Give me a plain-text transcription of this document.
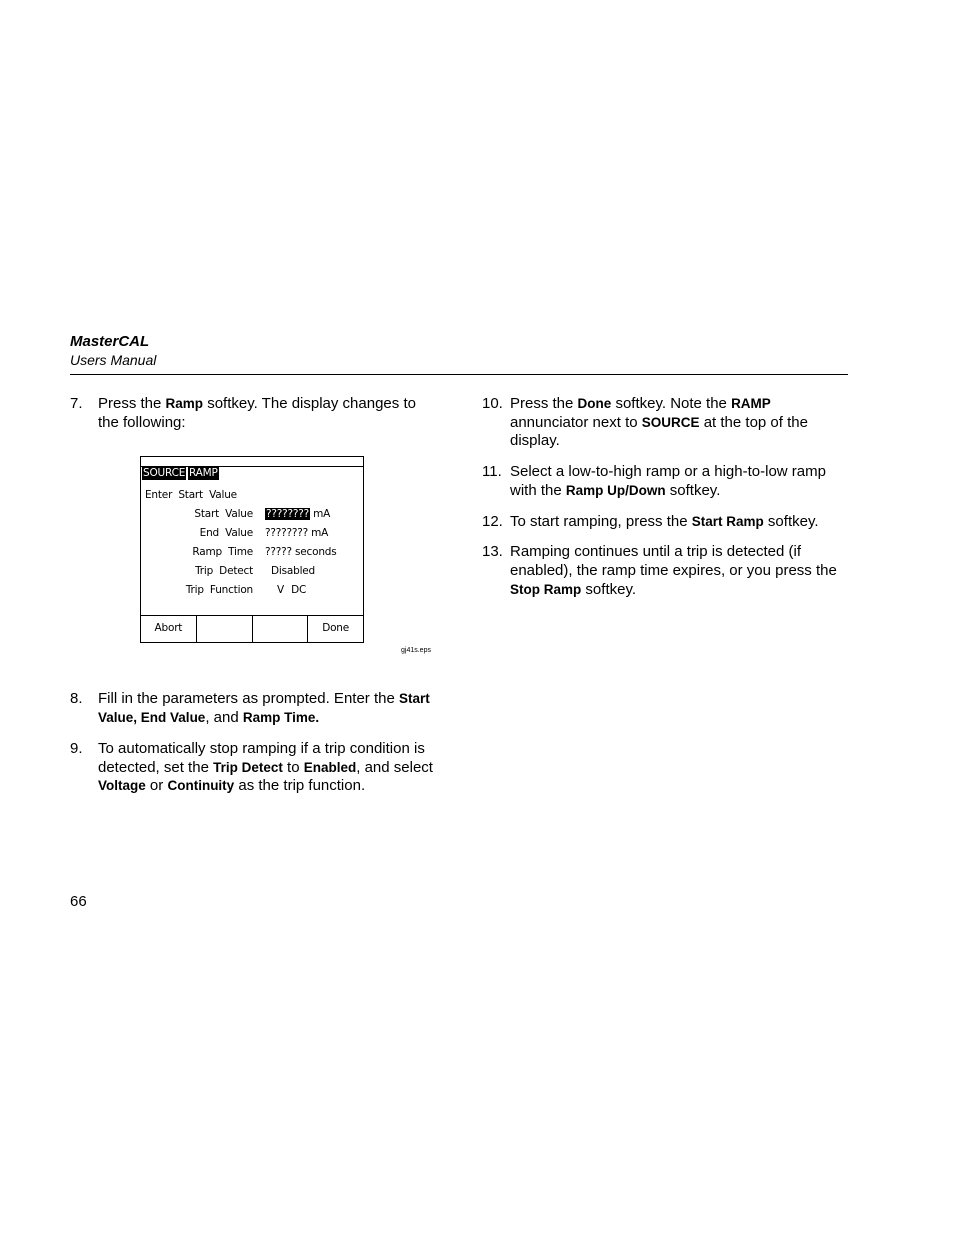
MasterCAL
Users Manual
7. Press the Ramp softkey. The display changes to the following:
8. Fill in the parameters as prompted. Enter the Start Value, End Value, and Ramp Time.
9. To automatically stop ramping if a trip condition is detected, set the Trip Detect to Enabled, and select Voltage or Continuity as the trip function.
SOURCE RAMP
Enter Start Value
Start Value ???????? mA
End Value ???????? mA
Ramp Time ????? seconds
Trip Detect Disabled
Trip Function V DC
Abort	Done
gj41s.eps
10. Press the Done softkey. Note the RAMP annunciator next to SOURCE at the top of the display.
11. Select a low-to-high ramp or a high-to-low ramp with the Ramp Up/Down softkey.
12. To start ramping, press the Start Ramp softkey.
13. Ramping continues until a trip is detected (if enabled), the ramp time expires, or you press the Stop Ramp softkey.
66
